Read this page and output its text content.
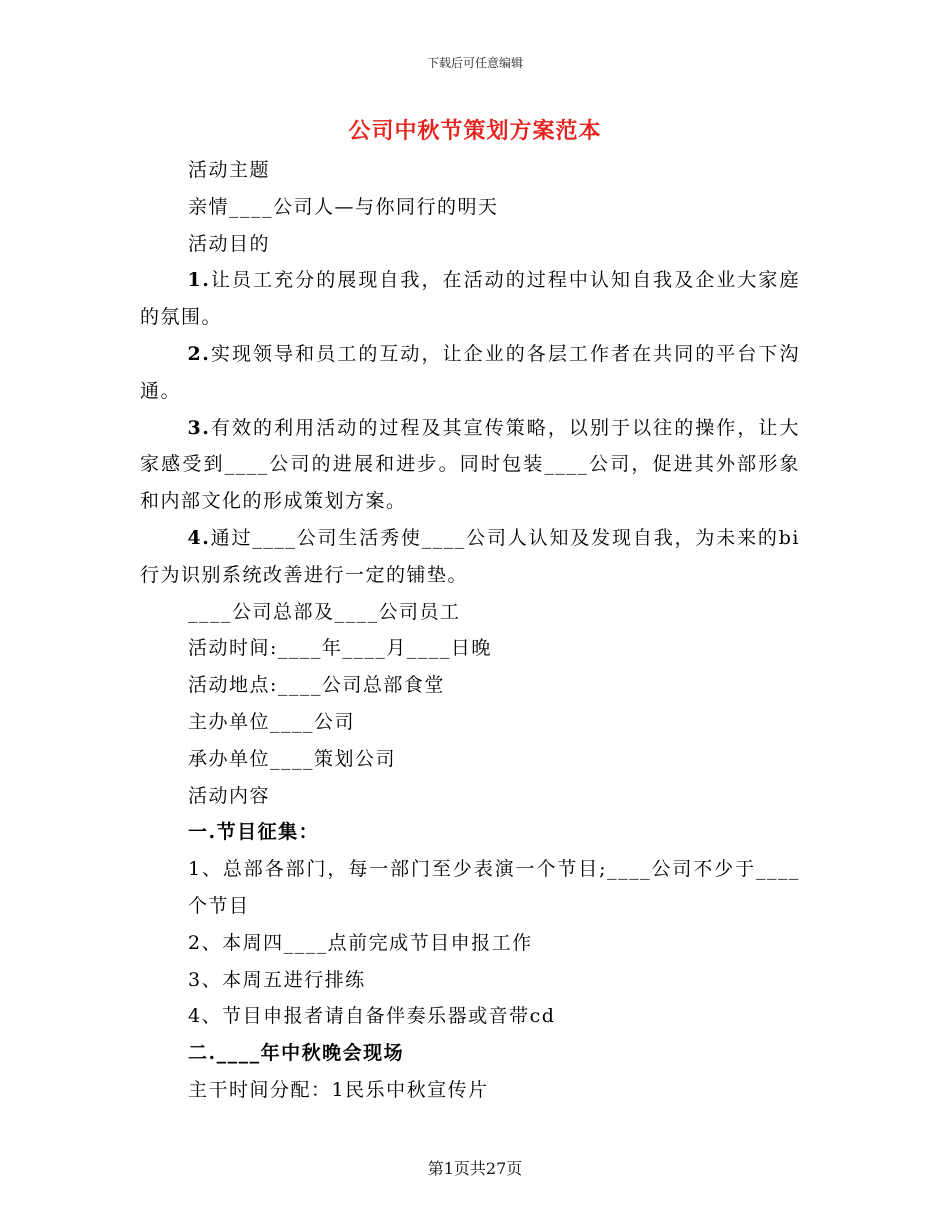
下载后可任意编辑
公司中秋节策划方案范本

活动主题

亲情____公司人—与你同行的明天

活动目的

1.让员工充分的展现自我，在活动的过程中认知自我及企业大家庭的氛围。

2.实现领导和员工的互动，让企业的各层工作者在共同的平台下沟通。

3.有效的利用活动的过程及其宣传策略，以别于以往的操作，让大家感受到____公司的进展和进步。同时包装____公司，促进其外部形象和内部文化的形成策划方案。

4.通过____公司生活秀使____公司人认知及发现自我，为未来的bi行为识别系统改善进行一定的铺垫。

____公司总部及____公司员工

活动时间:____年____月____日晚

活动地点:____公司总部食堂

主办单位____公司

承办单位____策划公司

活动内容

一.节目征集：

1、总部各部门，每一部门至少表演一个节目;____公司不少于____个节目

2、本周四____点前完成节目申报工作

3、本周五进行排练

4、节目申报者请自备伴奏乐器或音带cd

二.____年中秋晚会现场

主干时间分配：1民乐中秋宣传片

第1页共27页
